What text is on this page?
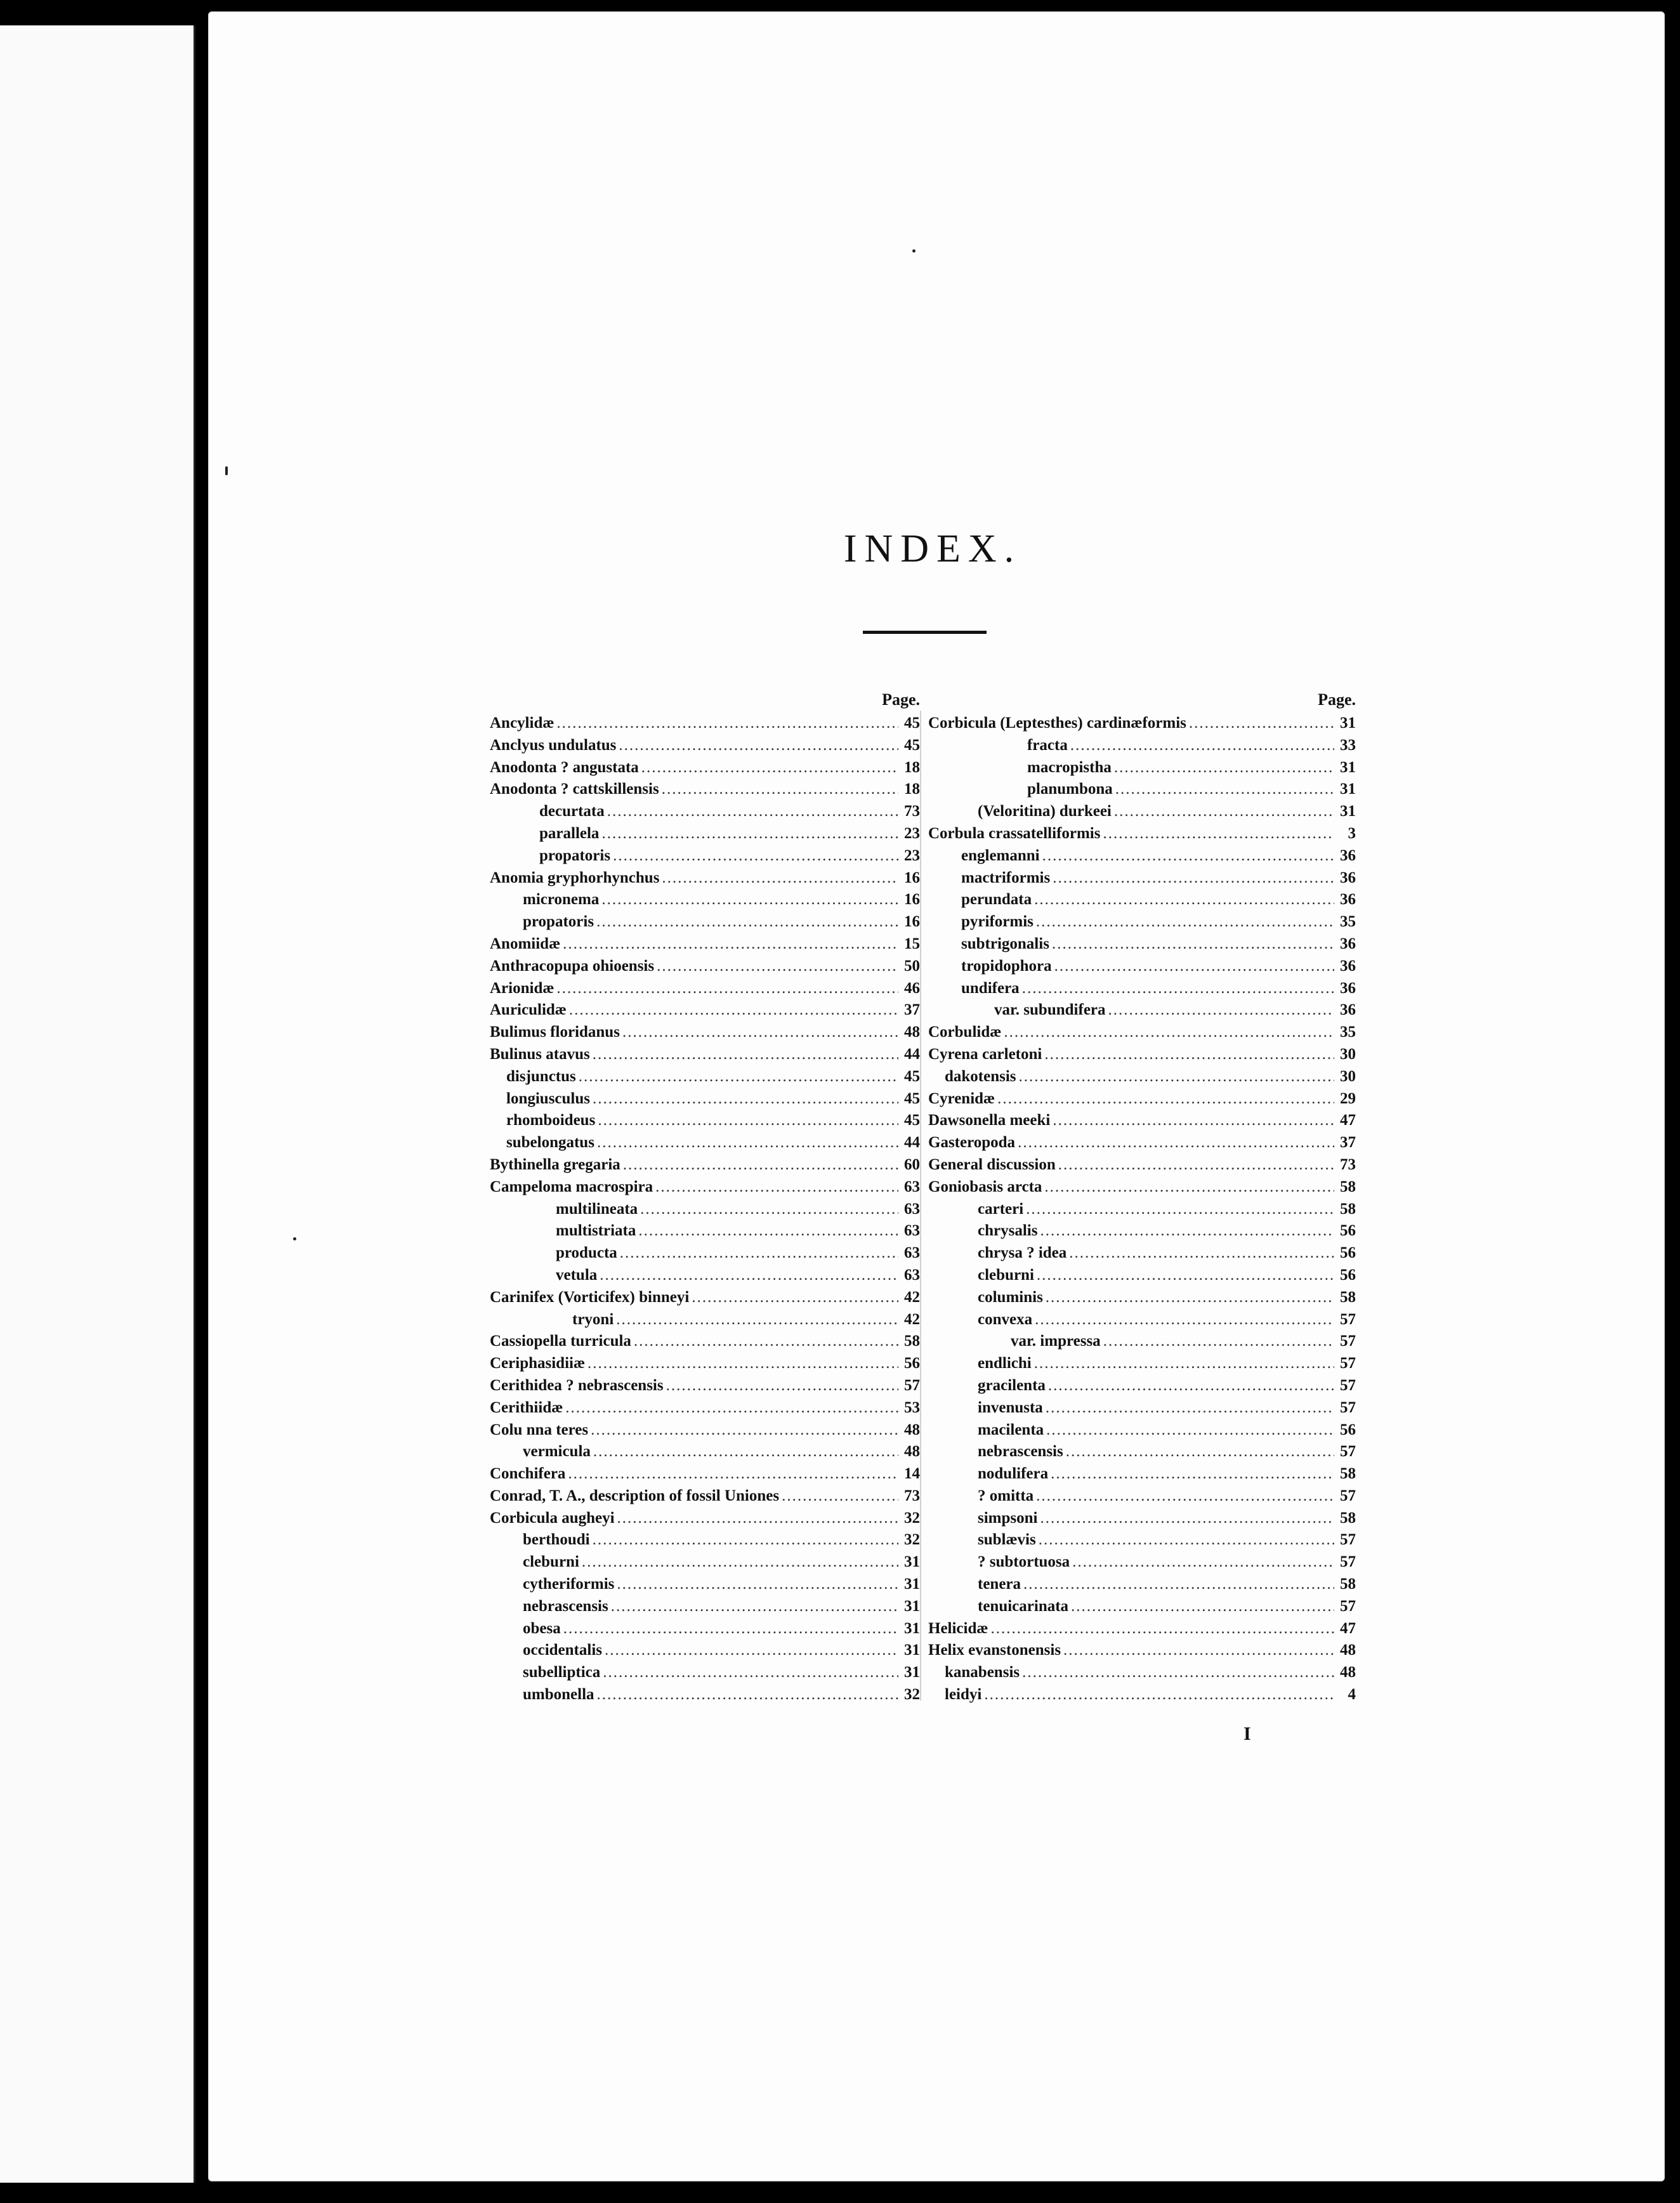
INDEX.
Page.
Ancylidæ .....	45
Anclyus undulatus .....	45
Anodonta ? angustata .....	18
Anodonta ? cattskillensis .....	18
decurtata .....	73
parallela .....	23
propatoris .....	23
Anomia gryphorhynchus .....	16
micronema .....	16
propatoris .....	16
Anomiidæ .....	15
Anthracopupa ohioensis .....	50
Arionidæ .....	46
Auriculidæ .....	37
Bulimus floridanus .....	48
Bulinus atavus .....	44
disjunctus .....	45
longiusculus .....	45
rhomboideus .....	45
subelongatus .....	44
Bythinella gregaria .....	60
Campeloma macrospira .....	63
multilineata .....	63
multistriata .....	63
producta .....	63
vetula .....	63
Carinifex (Vorticifex) binneyi .....	42
tryoni .....	42
Cassiopella turricula .....	58
Ceriphasidiiæ .....	56
Cerithidea ? nebrascensis .....	57
Cerithiidæ .....	53
Colu nna teres .....	48
vermicula .....	48
Conchifera .....	14
Conrad, T. A., description of fossil Uniones .....	73
Corbicula augheyi .....	32
berthoudi .....	32
cleburni .....	31
cytheriformis .....	31
nebrascensis .....	31
obesa .....	31
occidentalis .....	31
subelliptica .....	31
umbonella .....	32
Page.
Corbicula (Leptesthes) cardinæformis .....	31
fracta .....	33
macropistha .....	31
planumbona .....	31
(Veloritina) durkeei .....	31
Corbula crassatelliformis .....	3
englemanni .....	36
mactriformis .....	36
perundata .....	36
pyriformis .....	35
subtrigonalis .....	36
tropidophora .....	36
undifera .....	36
var. subundifera .....	36
Corbulidæ .....	35
Cyrena carletoni .....	30
dakotensis .....	30
Cyrenidæ .....	29
Dawsonella meeki .....	47
Gasteropoda .....	37
General discussion .....	73
Goniobasis arcta .....	58
carteri .....	58
chrysalis .....	56
chrysa ? idea .....	56
cleburni .....	56
columinis .....	58
convexa .....	57
var. impressa .....	57
endlichi .....	57
gracilenta .....	57
invenusta .....	57
macilenta .....	56
nebrascensis .....	57
nodulifera .....	58
? omitta .....	57
simpsoni .....	58
sublævis .....	57
? subtortuosa .....	57
tenera .....	58
tenuicarinata .....	57
Helicidæ .....	47
Helix evanstonensis .....	48
kanabensis .....	48
leidyi .....	4
I
